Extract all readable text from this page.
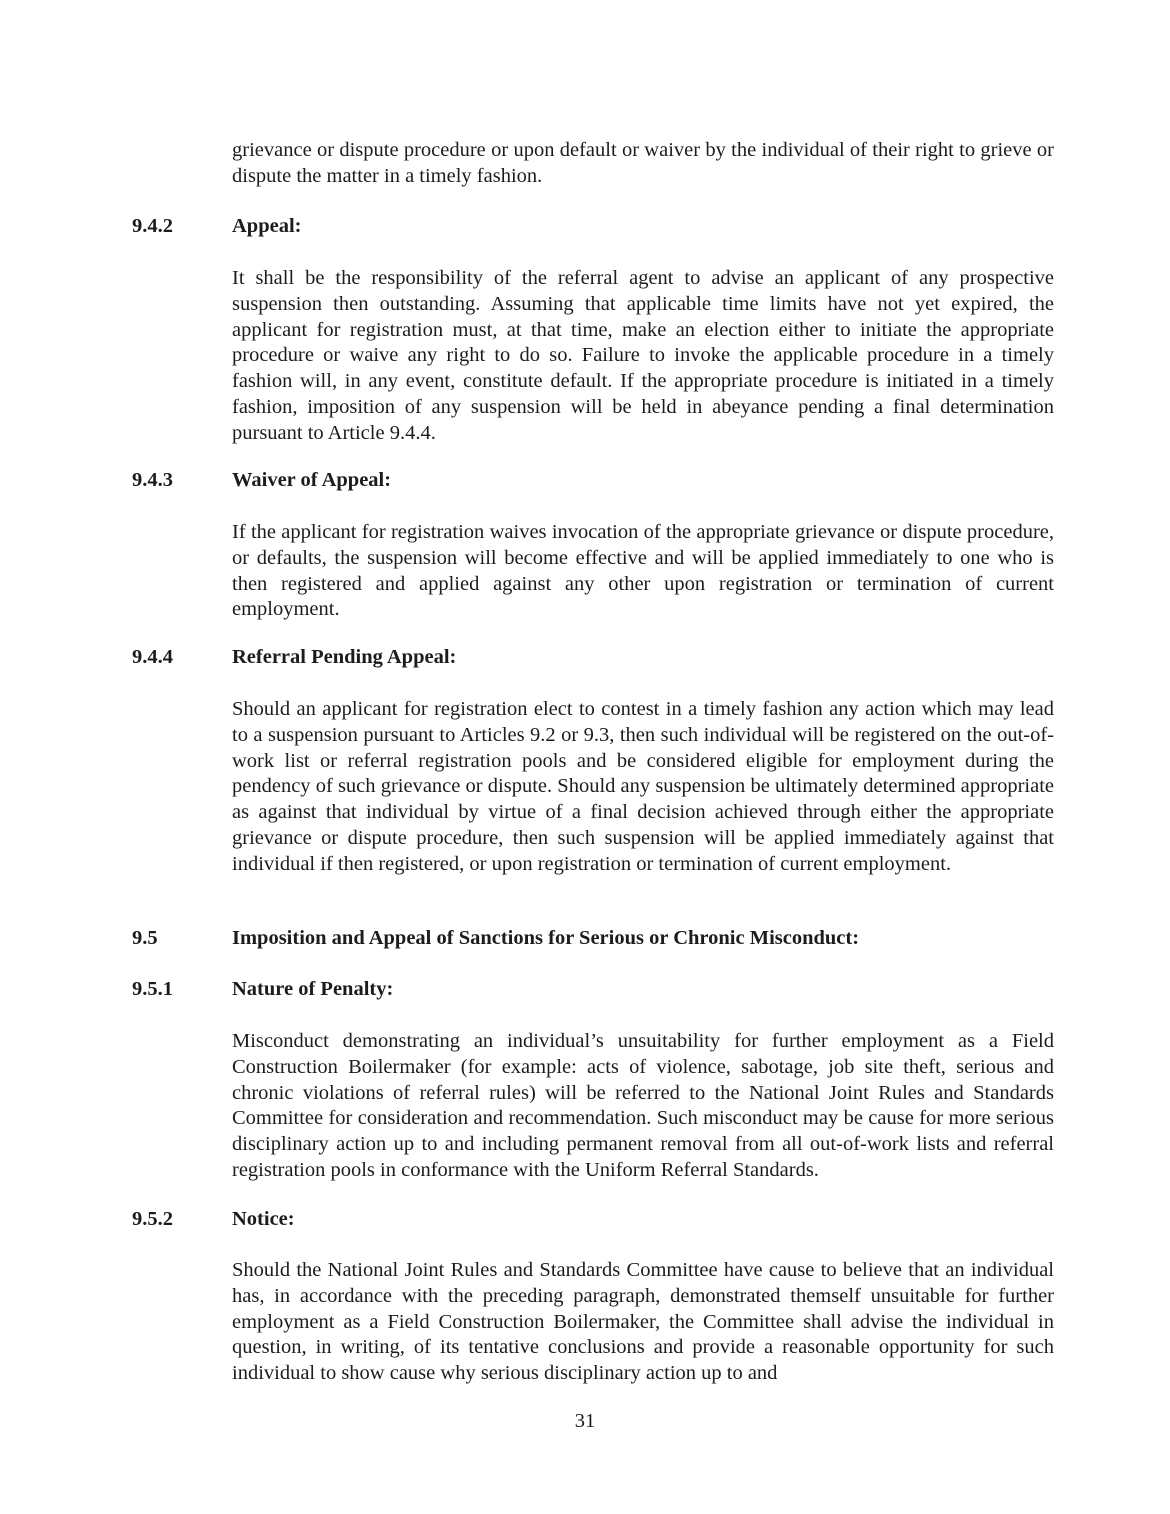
grievance or dispute procedure or upon default or waiver by the individual of their right to grieve or dispute the matter in a timely fashion.

9.4.2	Appeal:

It shall be the responsibility of the referral agent to advise an applicant of any prospective suspension then outstanding. Assuming that applicable time limits have not yet expired, the applicant for registration must, at that time, make an election either to initiate the appropriate procedure or waive any right to do so. Failure to invoke the applicable procedure in a timely fashion will, in any event, constitute default. If the appropriate procedure is initiated in a timely fashion, imposition of any suspension will be held in abeyance pending a final determination pursuant to Article 9.4.4.

9.4.3	Waiver of Appeal:

If the applicant for registration waives invocation of the appropriate grievance or dispute procedure, or defaults, the suspension will become effective and will be applied immediately to one who is then registered and applied against any other upon registration or termination of current employment.

9.4.4	Referral Pending Appeal:

Should an applicant for registration elect to contest in a timely fashion any action which may lead to a suspension pursuant to Articles 9.2 or 9.3, then such individual will be registered on the out-of-work list or referral registration pools and be considered eligible for employment during the pendency of such grievance or dispute. Should any suspension be ultimately determined appropriate as against that individual by virtue of a final decision achieved through either the appropriate grievance or dispute procedure, then such suspension will be applied immediately against that individual if then registered, or upon registration or termination of current employment.

9.5	Imposition and Appeal of Sanctions for Serious or Chronic Misconduct:
9.5.1	Nature of Penalty:

Misconduct demonstrating an individual’s unsuitability for further employment as a Field Construction Boilermaker (for example: acts of violence, sabotage, job site theft, serious and chronic violations of referral rules) will be referred to the National Joint Rules and Standards Committee for consideration and recommendation. Such misconduct may be cause for more serious disciplinary action up to and including permanent removal from all out-of-work lists and referral registration pools in conformance with the Uniform Referral Standards.

9.5.2	Notice:

Should the National Joint Rules and Standards Committee have cause to believe that an individual has, in accordance with the preceding paragraph, demonstrated themself unsuitable for further employment as a Field Construction Boilermaker, the Committee shall advise the individual in question, in writing, of its tentative conclusions and provide a reasonable opportunity for such individual to show cause why serious disciplinary action up to and

31
